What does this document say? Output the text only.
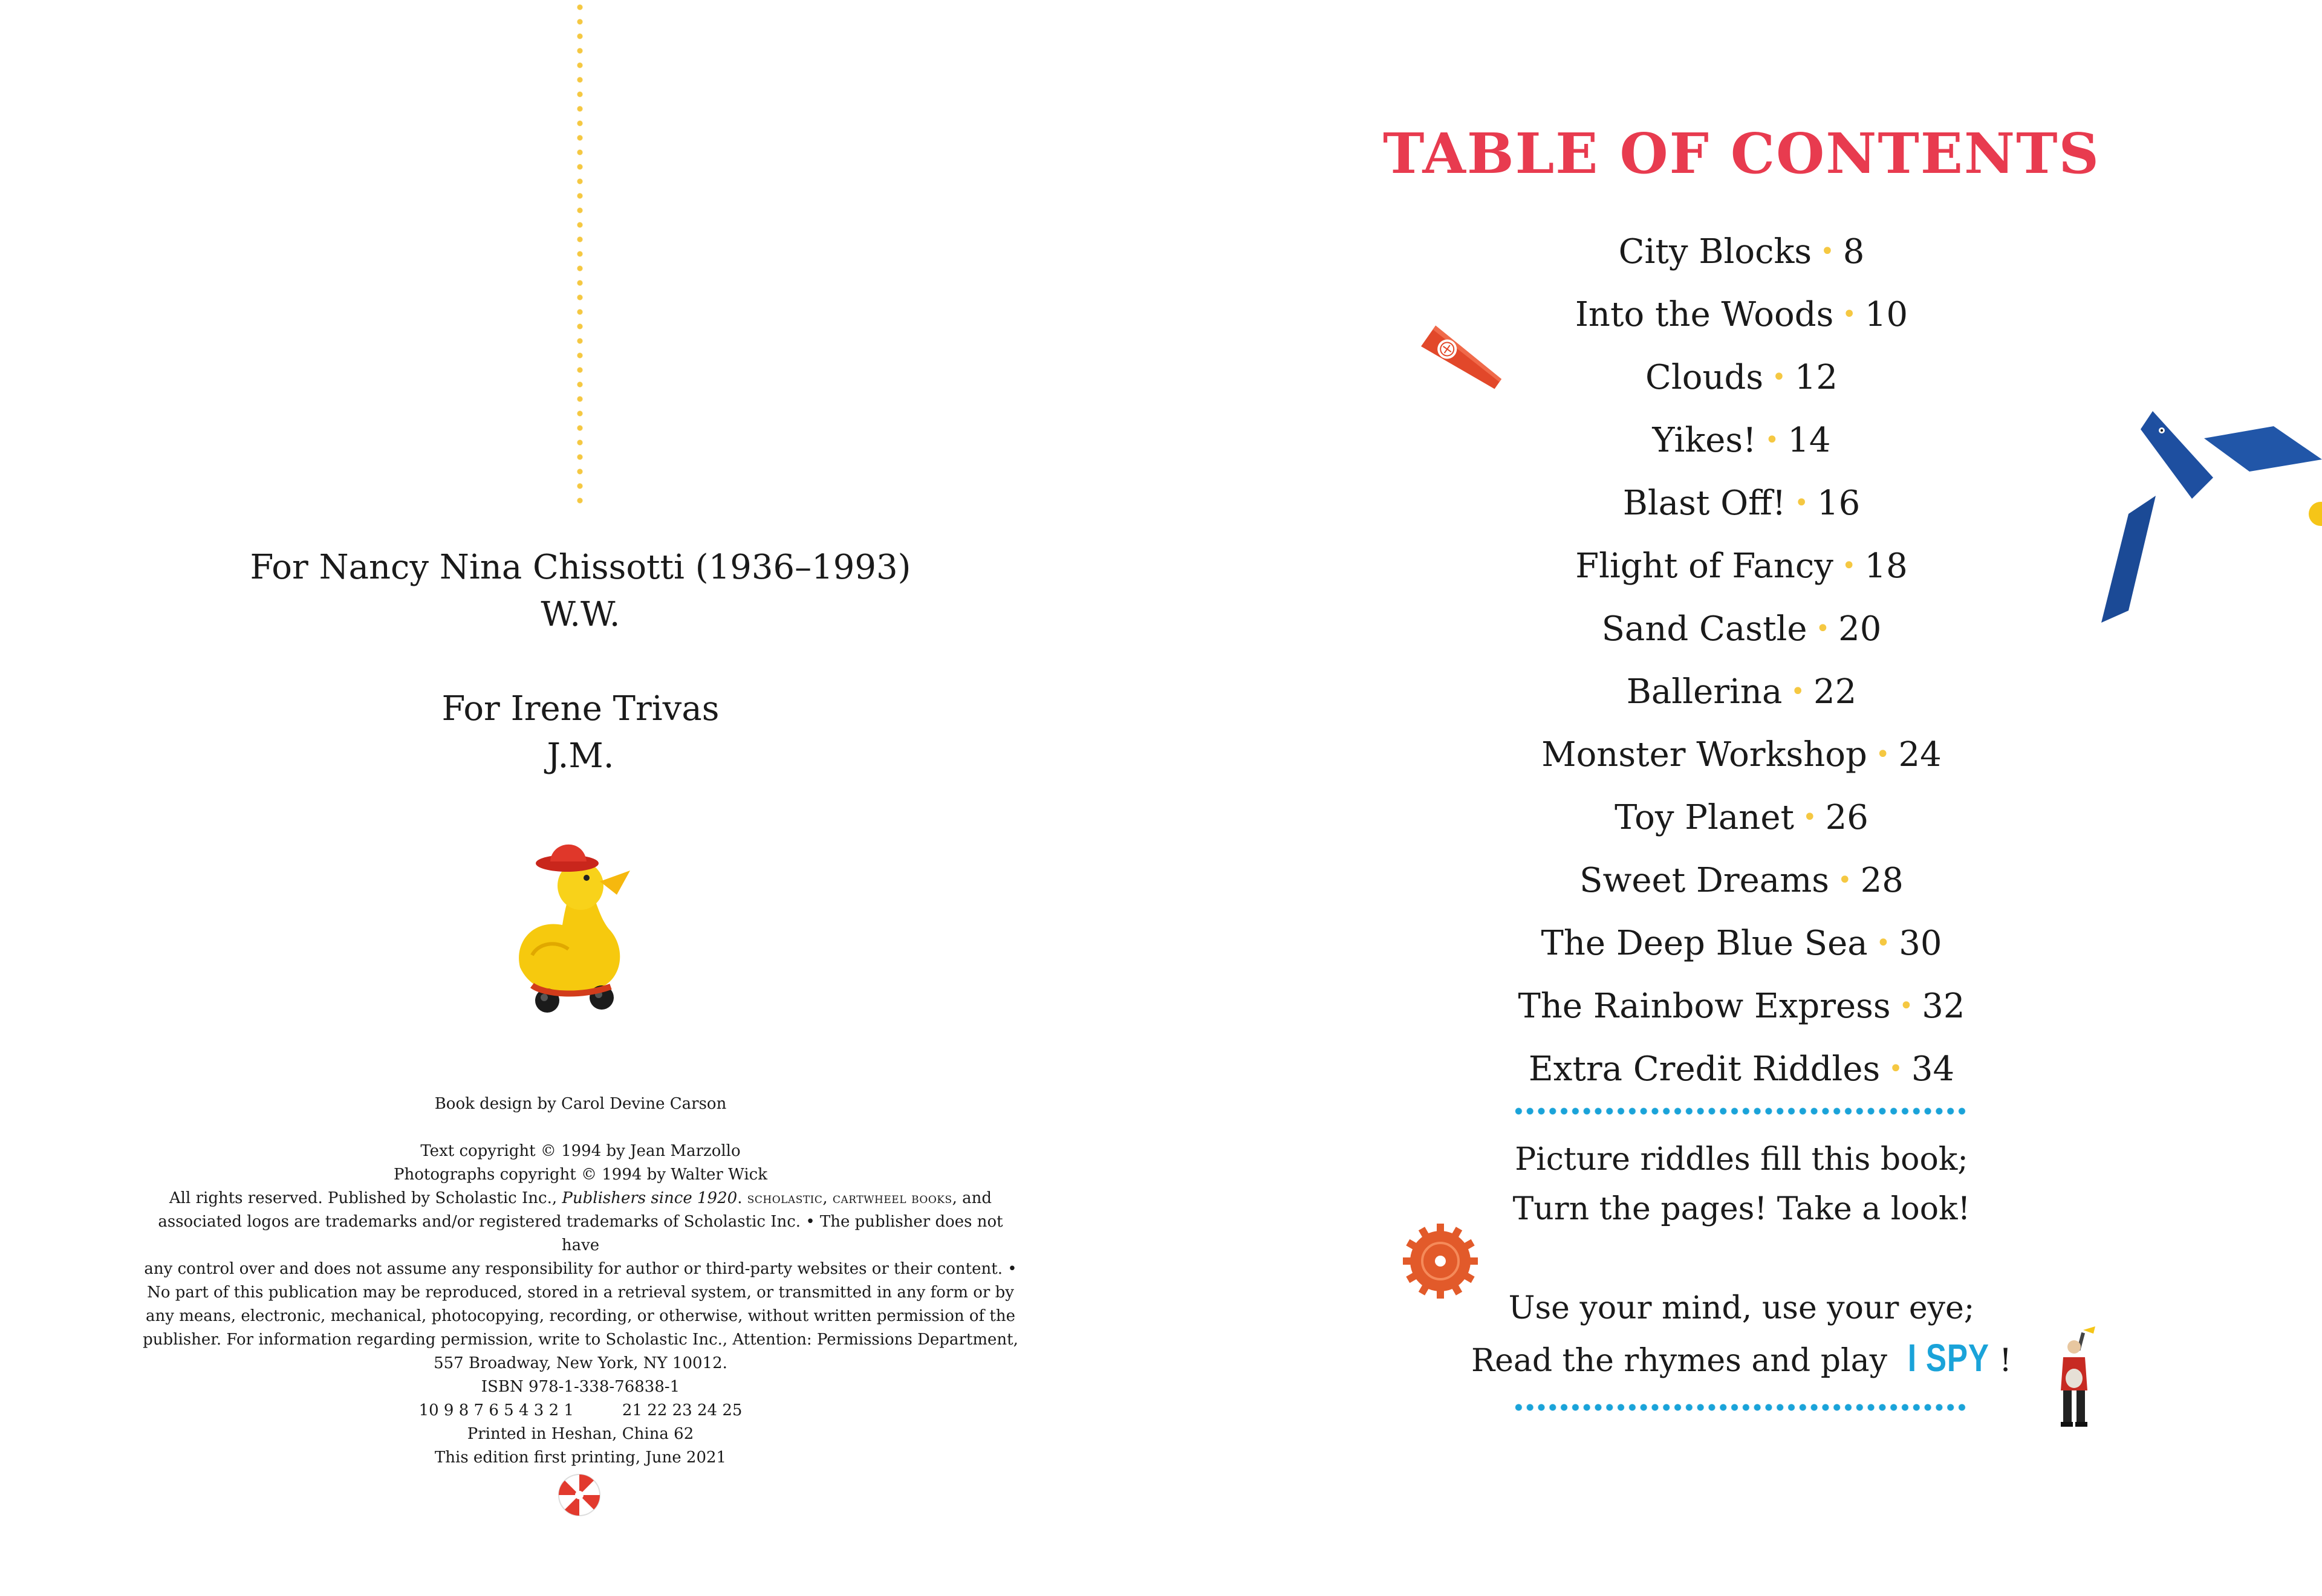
For Nancy Nina Chissotti (1936–1993)
W.W.
For Irene Trivas
J.M.

Book design by Carol Devine Carson

Text copyright © 1994 by Jean Marzollo

Photographs copyright © 1994 by Walter Wick

All rights reserved. Published by Scholastic Inc., Publishers since 1920. scholastic, cartwheel books, and

associated logos are trademarks and/or registered trademarks of Scholastic Inc. • The publisher does not have

any control over and does not assume any responsibility for author or third-party websites or their content. •

No part of this publication may be reproduced, stored in a retrieval system, or transmitted in any form or by

any means, electronic, mechanical, photocopying, recording, or otherwise, without written permission of the

publisher. For information regarding permission, write to Scholastic Inc., Attention: Permissions Department,

557 Broadway, New York, NY 10012.

ISBN 978-1-338-76838-1

10 9 8 7 6 5 4 3 2 1	21 22 23 24 25

Printed in Heshan, China 62

This edition first printing, June 2021

TABLE OF CONTENTS
City Blocks • 8
Into the Woods • 10
Clouds • 12
Yikes! • 14
Blast Off! • 16
Flight of Fancy • 18
Sand Castle • 20
Ballerina • 22
Monster Workshop • 24
Toy Planet • 26
Sweet Dreams • 28
The Deep Blue Sea • 30
The Rainbow Express • 32
Extra Credit Riddles • 34
Picture riddles fill this book;
Turn the pages! Take a look!
Use your mind, use your eye;
Read the rhymes and play I SPY !
